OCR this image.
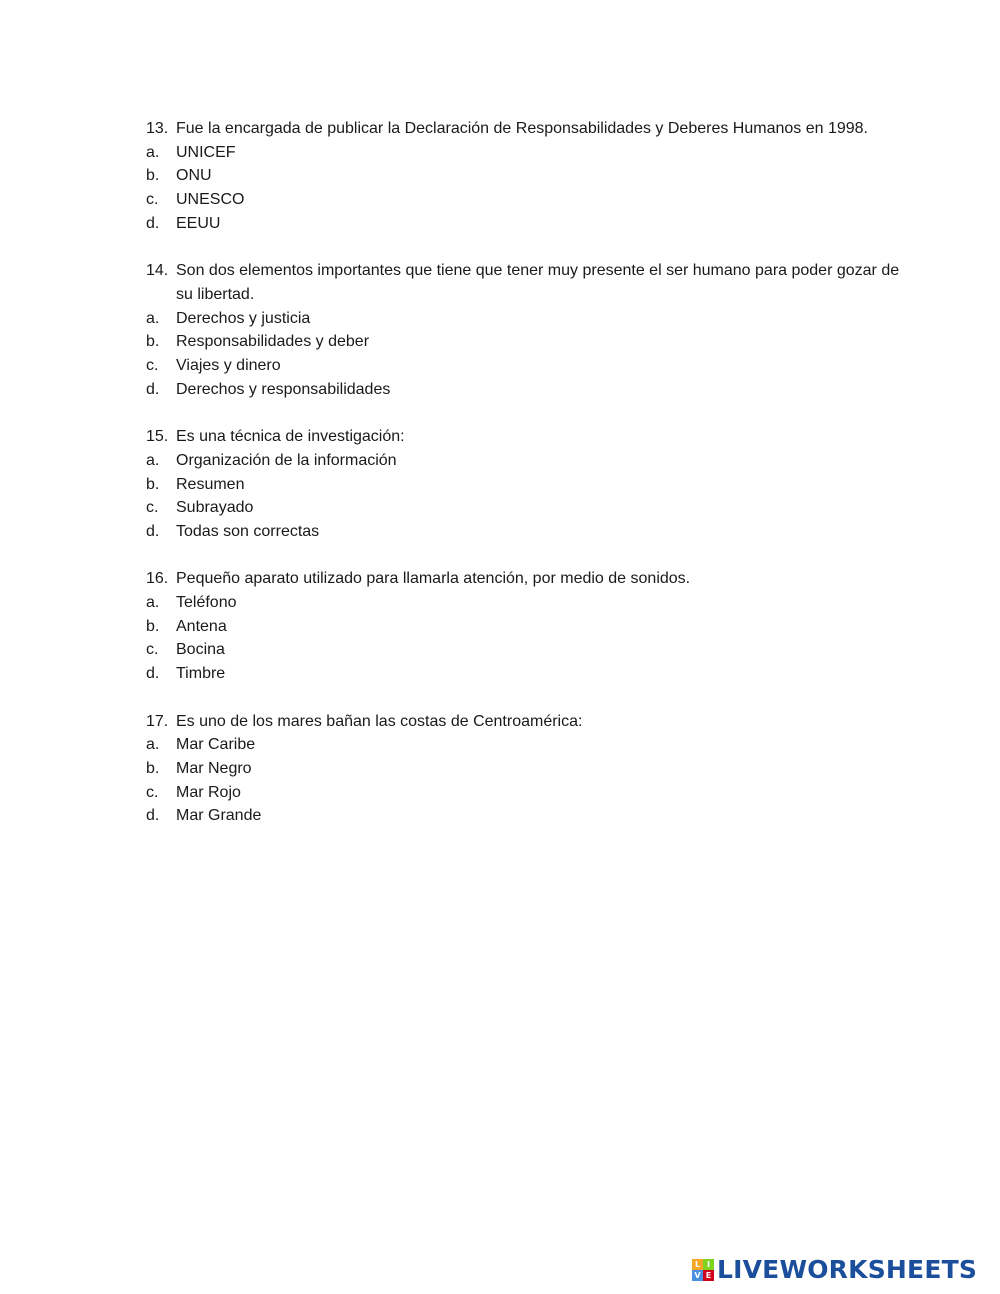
13. Fue la encargada de publicar la Declaración de Responsabilidades y Deberes Humanos en 1998.
a.	UNICEF
b.	ONU
c.	UNESCO
d.	EEUU
14. Son dos elementos importantes que tiene que tener muy presente el ser humano para poder gozar de su libertad.
a.	Derechos y justicia
b.	Responsabilidades y deber
c.	Viajes y dinero
d.	Derechos y responsabilidades
15. Es una técnica de investigación:
a.	Organización de la información
b.	Resumen
c.	Subrayado
d.	Todas son correctas
16. Pequeño aparato utilizado para llamarla atención, por medio de sonidos.
a.	Teléfono
b.	Antena
c.	Bocina
d.	Timbre
17. Es uno de los mares bañan las costas de Centroamérica:
a.	Mar Caribe
b.	Mar Negro
c.	Mar Rojo
d.	Mar Grande
L I
V E LIVEWORKSHEETS
